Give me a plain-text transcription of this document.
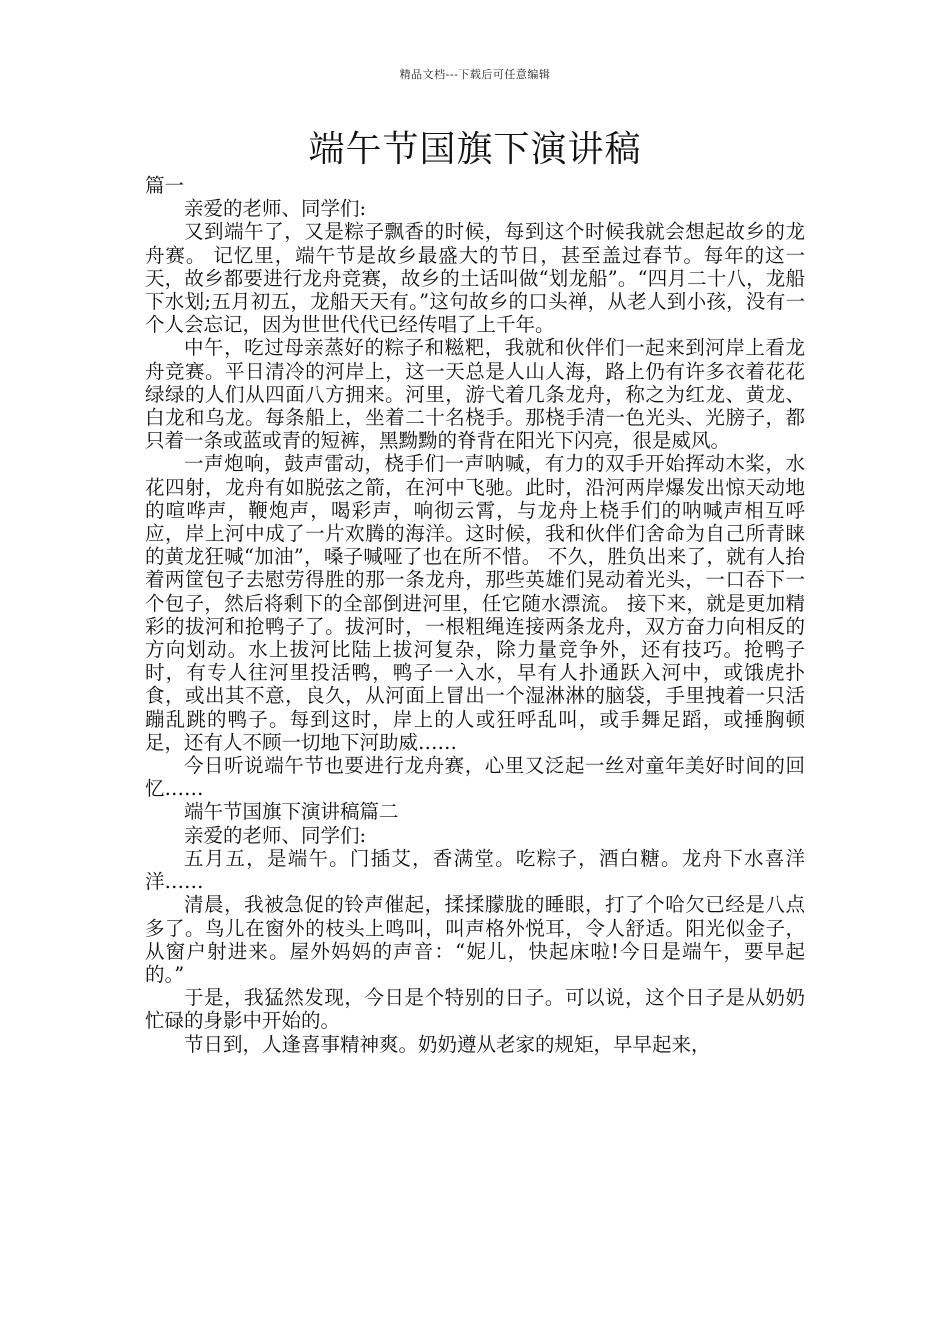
精品文档---下载后可任意编辑
端午节国旗下演讲稿

篇一

亲爱的老师、同学们:

又到端午了，又是粽子飘香的时候，每到这个时候我就会想起故乡的龙舟赛。 记忆里，端午节是故乡最盛大的节日，甚至盖过春节。每年的这一天，故乡都要进行龙舟竞赛，故乡的土话叫做“划龙船”。“四月二十八，龙船下水划;五月初五，龙船天天有。”这句故乡的口头禅，从老人到小孩，没有一个人会忘记，因为世世代代已经传唱了上千年。

中午，吃过母亲蒸好的粽子和糍粑，我就和伙伴们一起来到河岸上看龙舟竞赛。平日清冷的河岸上，这一天总是人山人海，路上仍有许多衣着花花绿绿的人们从四面八方拥来。河里，游弋着几条龙舟，称之为红龙、黄龙、白龙和乌龙。每条船上，坐着二十名桡手。那桡手清一色光头、光膀子，都只着一条或蓝或青的短裤，黑黝黝的脊背在阳光下闪亮，很是威风。

一声炮响，鼓声雷动，桡手们一声呐喊，有力的双手开始挥动木桨，水花四射，龙舟有如脱弦之箭，在河中飞驰。此时，沿河两岸爆发出惊天动地的喧哗声，鞭炮声，喝彩声，响彻云霄，与龙舟上桡手们的呐喊声相互呼应，岸上河中成了一片欢腾的海洋。这时候，我和伙伴们舍命为自己所青睐的黄龙狂喊“加油”，嗓子喊哑了也在所不惜。 不久，胜负出来了，就有人抬着两筐包子去慰劳得胜的那一条龙舟，那些英雄们晃动着光头，一口吞下一个包子，然后将剩下的全部倒进河里，任它随水漂流。 接下来，就是更加精彩的拔河和抢鸭子了。拔河时，一根粗绳连接两条龙舟，双方奋力向相反的方向划动。水上拔河比陆上拔河复杂，除力量竞争外，还有技巧。抢鸭子时，有专人往河里投活鸭，鸭子一入水，早有人扑通跃入河中，或饿虎扑食，或出其不意，良久，从河面上冒出一个湿淋淋的脑袋，手里拽着一只活蹦乱跳的鸭子。每到这时，岸上的人或狂呼乱叫，或手舞足蹈，或捶胸顿足，还有人不顾一切地下河助威……

今日听说端午节也要进行龙舟赛，心里又泛起一丝对童年美好时间的回忆……

端午节国旗下演讲稿篇二

亲爱的老师、同学们:

五月五，是端午。门插艾，香满堂。吃粽子，酒白糖。龙舟下水喜洋洋……

清晨，我被急促的铃声催起，揉揉朦胧的睡眼，打了个哈欠已经是八点多了。鸟儿在窗外的枝头上鸣叫，叫声格外悦耳，令人舒适。阳光似金子，从窗户射进来。屋外妈妈的声音：“妮儿，快起床啦!今日是端午，要早起的。”

于是，我猛然发现，今日是个特别的日子。可以说，这个日子是从奶奶忙碌的身影中开始的。

节日到，人逢喜事精神爽。奶奶遵从老家的规矩，早早起来，
